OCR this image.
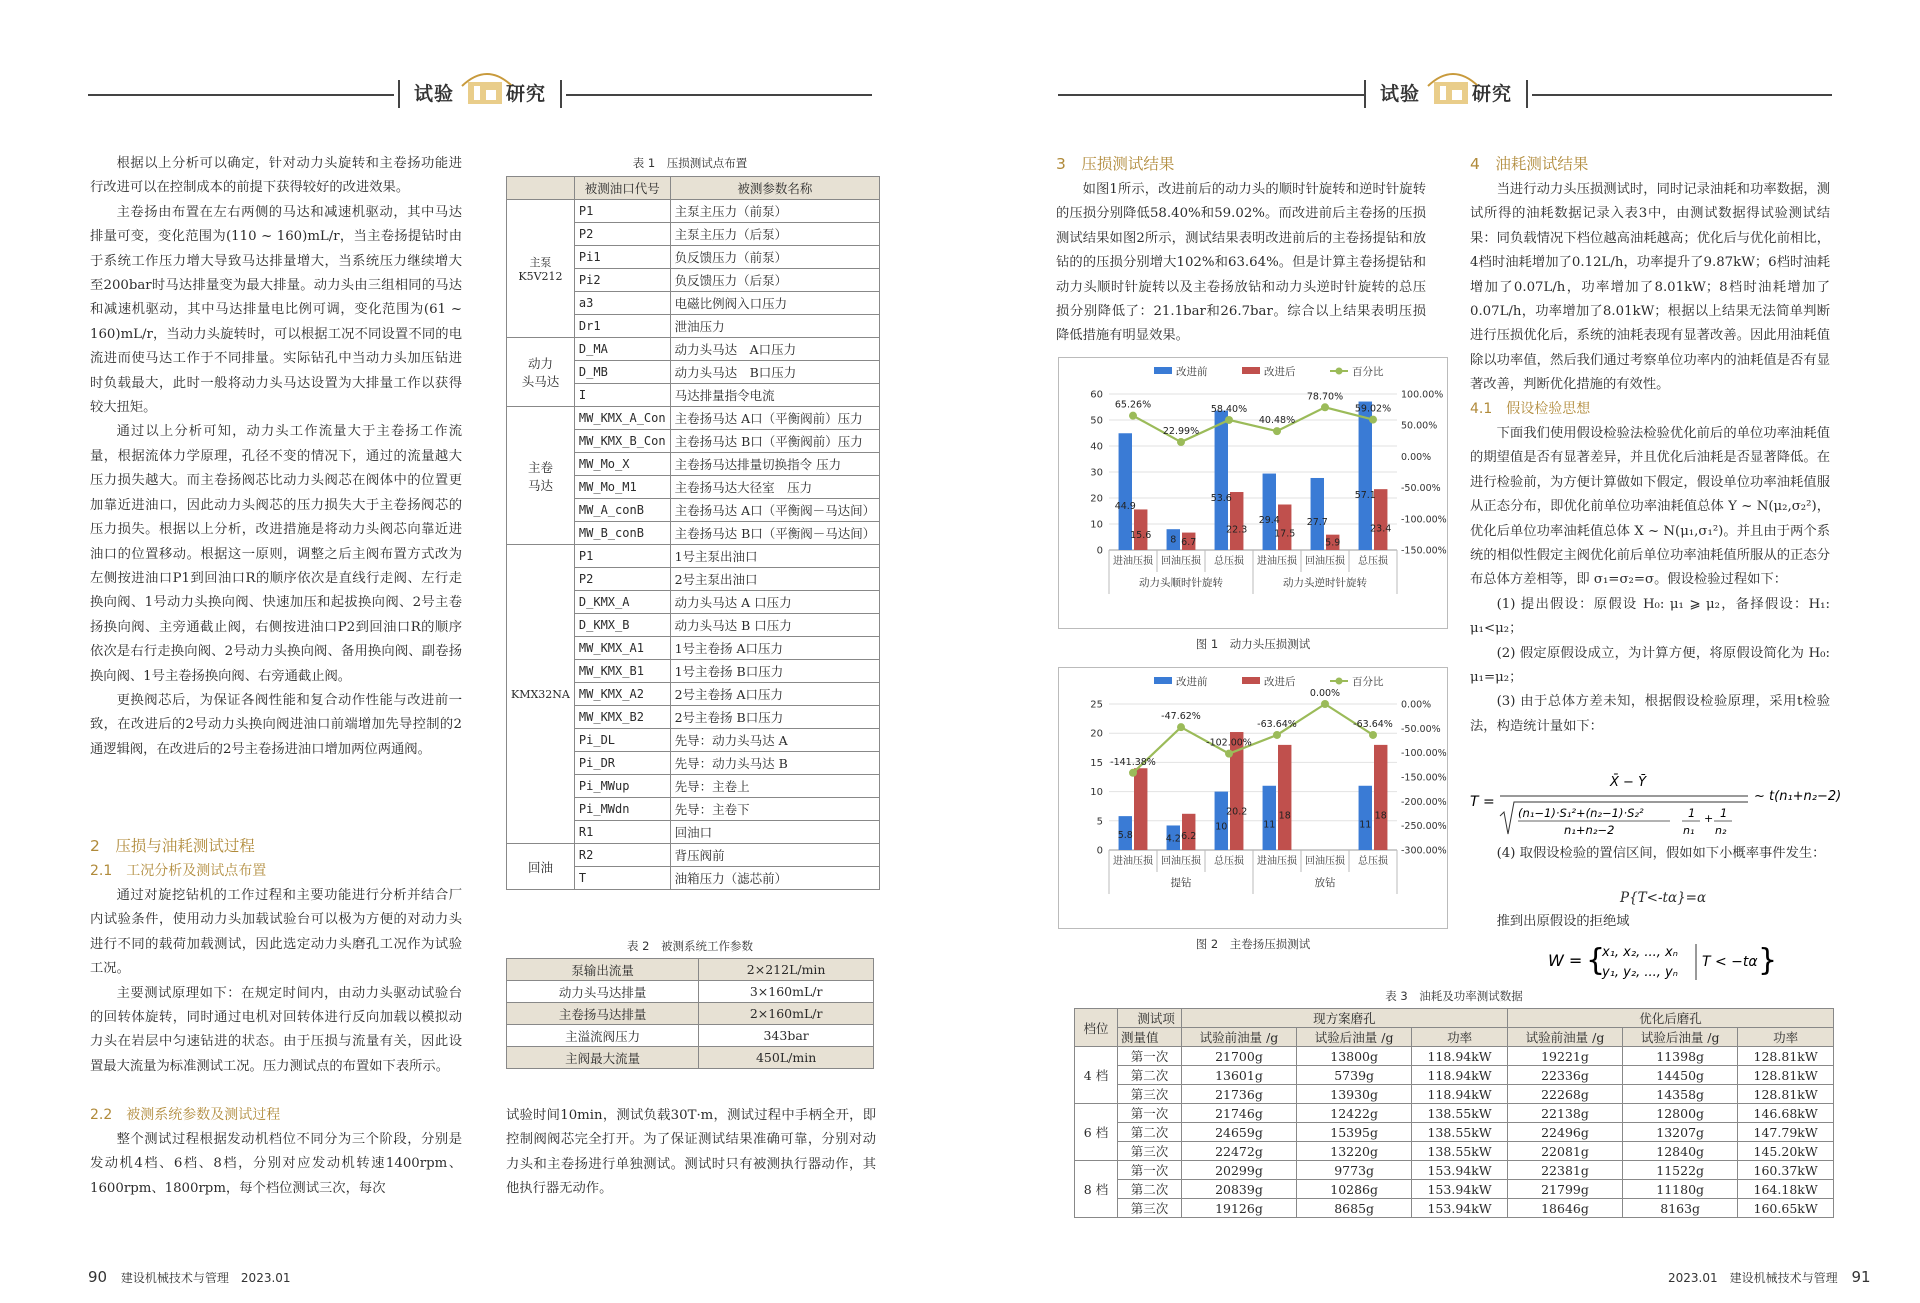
试验	研究	试验	研究

根据以上分析可以确定，针对动力头旋转和主卷扬功能进行改进可以在控制成本的前提下获得较好的改进效果。

主卷扬由布置在左右两侧的马达和减速机驱动，其中马达排量可变，变化范围为(110 ~ 160)mL/r，当主卷扬提钻时由于系统工作压力增大导致马达排量增大，当系统压力继续增大至200bar时马达排量变为最大排量。动力头由三组相同的马达和减速机驱动，其中马达排量电比例可调，变化范围为(61 ~ 160)mL/r，当动力头旋转时，可以根据工况不同设置不同的电流进而使马达工作于不同排量。实际钻孔中当动力头加压钻进时负载最大，此时一般将动力头马达设置为大排量工作以获得较大扭矩。

通过以上分析可知，动力头工作流量大于主卷扬工作流量，根据流体力学原理，孔径不变的情况下，通过的流量越大压力损失越大。而主卷扬阀芯比动力头阀芯在阀体中的位置更加靠近进油口，因此动力头阀芯的压力损失大于主卷扬阀芯的压力损失。根据以上分析，改进措施是将动力头阀芯向靠近进油口的位置移动。根据这一原则，调整之后主阀布置方式改为左侧按进油口P1到回油口R的顺序依次是直线行走阀、左行走换向阀、1号动力头换向阀、快速加压和起拔换向阀、2号主卷扬换向阀、主旁通截止阀，右侧按进油口P2到回油口R的顺序依次是右行走换向阀、2号动力头换向阀、备用换向阀、副卷扬换向阀、1号主卷扬换向阀、右旁通截止阀。

更换阀芯后，为保证各阀性能和复合动作性能与改进前一致，在改进后的2号动力头换向阀进油口前端增加先导控制的2通逻辑阀，在改进后的2号主卷扬进油口增加两位两通阀。

2　压损与油耗测试过程
2.1　工况分析及测试点布置

通过对旋挖钻机的工作过程和主要功能进行分析并结合厂内试验条件，使用动力头加载试验台可以极为方便的对动力头进行不同的载荷加载测试，因此选定动力头磨孔工况作为试验工况。

主要测试原理如下：在规定时间内，由动力头驱动试验台的回转体旋转，同时通过电机对回转体进行反向加载以模拟动力头在岩层中匀速钻进的状态。由于压损与流量有关，因此设置最大流量为标准测试工况。压力测试点的布置如下表所示。

2.2　被测系统参数及测试过程

整个测试过程根据发动机档位不同分为三个阶段，分别是发动机4档、6档、8档，分别对应发动机转速1400rpm、1600rpm、1800rpm，每个档位测试三次，每次

表 1　压损测试点布置
	被测油口代号	被测参数名称
主泵
K5V212	P1	主泵主压力（前泵）
	P2	主泵主压力（后泵）
	Pi1	负反馈压力（前泵）
	Pi2	负反馈压力（后泵）
	a3	电磁比例阀入口压力
	Dr1	泄油压力
动力
头马达	D_MA	动力头马达　A口压力
	D_MB	动力头马达　B口压力
	I	马达排量指令电流
主卷
马达	MW_KMX_A_Con	主卷扬马达 A口（平衡阀前）压力
	MW_KMX_B_Con	主卷扬马达 B口（平衡阀前）压力
	MW_Mo_X	主卷扬马达排量切换指令 压力
	MW_Mo_M1	主卷扬马达大径室　压力
	MW_A_conB	主卷扬马达 A口（平衡阀－马达间）
	MW_B_conB	主卷扬马达 B口（平衡阀－马达间）
KMX32NA	P1	1号主泵出油口
	P2	2号主泵出油口
	D_KMX_A	动力头马达 A 口压力
	D_KMX_B	动力头马达 B 口压力
	MW_KMX_A1	1号主卷扬 A口压力
	MW_KMX_B1	1号主卷扬 B口压力
	MW_KMX_A2	2号主卷扬 A口压力
	MW_KMX_B2	2号主卷扬 B口压力
	Pi_DL	先导：动力头马达 A
	Pi_DR	先导：动力头马达 B
	Pi_MWup	先导：主卷上
	Pi_MWdn	先导：主卷下
	R1	回油口
回油	R2	背压阀前
	T	油箱压力（滤芯前）
表 2　被测系统工作参数
泵输出流量	2×212L/min
动力头马达排量	3×160mL/r
主卷扬马达排量	2×160mL/r
主溢流阀压力	343bar
主阀最大流量	450L/min

试验时间10min，测试负载30T·m，测试过程中手柄全开，即控制阀阀芯完全打开。为了保证测试结果准确可靠，分别对动力头和主卷扬进行单独测试。测试时只有被测执行器动作，其他执行器无动作。

3　压损测试结果

如图1所示，改进前后的动力头的顺时针旋转和逆时针旋转的压损分别降低58.40%和59.02%。而改进前后主卷扬的压损测试结果如图2所示，测试结果表明改进前后的主卷扬提钻和放钻的的压损分别增大102%和63.64%。但是计算主卷扬提钻和动力头顺时针旋转以及主卷扬放钻和动力头逆时针旋转的总压损分别降低了：21.1bar和26.7bar。综合以上结果表明压损降低措施有明显效果。

改进前	改进后	百分比
0
10
20
30
40
50
60
-150.00%
-100.00%
-50.00%
0.00%
50.00%
100.00%
44.9
15.6
进油压损
8 6.7
回油压损
53.6
22.3
总压损
29.4
17.5
进油压损
27.7
5.9
回油压损
57.1
23.4
总压损
65.26%
22.99%
58.40%
40.48%
78.70%
59.02%
动力头顺时针旋转	动力头逆时针旋转
图 1　动力头压损测试
改进前	改进后	百分比
0
5
10
15
20
25
-300.00%
-250.00%
-200.00%
-150.00%
-100.00%
-50.00%
0.00%
5.8
进油压损
4.2 6.2
回油压损
10
20.2
总压损
11
18
进油压损 回油压损
11
18
总压损
-141.38%
-47.62%
-102.00%
-63.64%
0.00%
-63.64%
提钻	放钻
图 2　主卷扬压损测试
4　油耗测试结果

当进行动力头压损测试时，同时记录油耗和功率数据，测试所得的油耗数据记录入表3中，由测试数据得试验测试结果：同负载情况下档位越高油耗越高；优化后与优化前相比，4档时油耗增加了0.12L/h，功率提升了9.87kW；6档时油耗增加了0.07L/h，功率增加了8.01kW；8档时油耗增加了0.07L/h，功率增加了8.01kW；根据以上结果无法简单判断进行压损优化后，系统的油耗表现有显著改善。因此用油耗值除以功率值，然后我们通过考察单位功率内的油耗值是否有显著改善，判断优化措施的有效性。

4.1　假设检验思想

下面我们使用假设检验法检验优化前后的单位功率油耗值的期望值是否有显著差异，并且优化后油耗是否显著降低。在进行检验前，为方便计算做如下假定，假设单位功率油耗值服从正态分布，即优化前单位功率油耗值总体 Y ~ N(μ₂,σ₂²)，优化后单位功率油耗值总体 X ~ N(μ₁,σ₁²)。并且由于两个系统的相似性假定主阀优化前后单位功率油耗值所服从的正态分布总体方差相等，即 σ₁=σ₂=σ。假设检验过程如下：

(1) 提出假设：原假设 H₀: μ₁ ⩾ μ₂，备择假设：H₁: μ₁<μ₂；

(2) 假定原假设成立，为计算方便，将原假设简化为 H₀: μ₁=μ₂；

(3) 由于总体方差未知，根据假设检验原理，采用t检验法，构造统计量如下：

T =
X̄ − Ȳ
(n₁−1)·S₁²+(n₂−1)·S₂²
n₁+n₂−2
1 1
n₁
+
n₂
~ t(n₁+n₂−2)

(4) 取假设检验的置信区间，假如如下小概率事件发生：

P{T<-tα}=α

推到出原假设的拒绝域

W = {
x₁, x₂, ..., xₙ
y₁, y₂, ..., yₙ
T < −tα }
表 3　油耗及功率测试数据
档位	测试项	现方案磨孔			优化后磨孔		
	测量值	试验前油量 /g	试验后油量 /g	功率	试验前油量 /g	试验后油量 /g	功率
4 档	第一次	21700g	13800g	118.94kW	19221g	11398g	128.81kW
	第二次	13601g	5739g	118.94kW	22336g	14450g	128.81kW
	第三次	21736g	13930g	118.94kW	22268g	14358g	128.81kW
6 档	第一次	21746g	12422g	138.55kW	22138g	12800g	146.68kW
	第二次	24659g	15395g	138.55kW	22496g	13207g	147.79kW
	第三次	22472g	13220g	138.55kW	22081g	12840g	145.20kW
8 档	第一次	20299g	9773g	153.94kW	22381g	11522g	160.37kW
	第二次	20839g	10286g	153.94kW	21799g	11180g	164.18kW
	第三次	19126g	8685g	153.94kW	18646g	8163g	160.65kW
90 建设机械技术与管理　2023.01	2023.01　建设机械技术与管理 91
